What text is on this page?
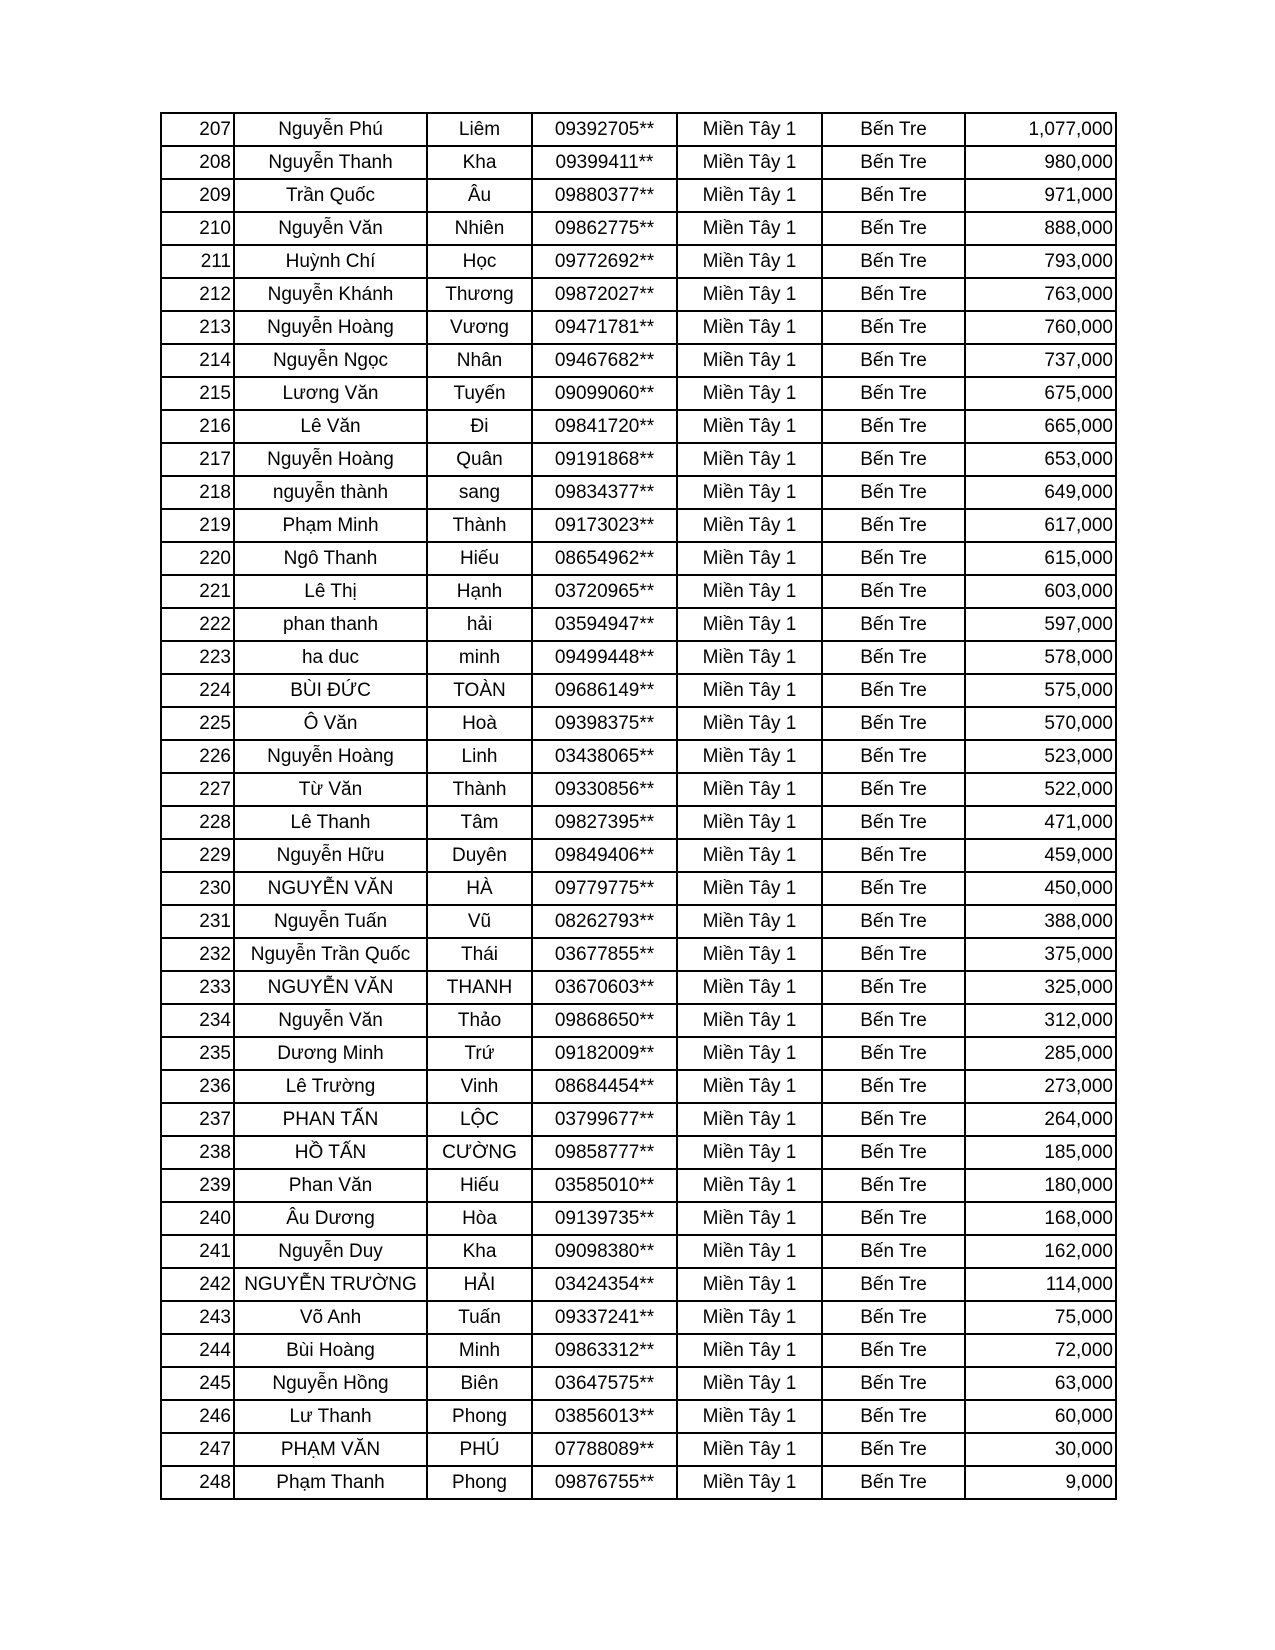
207	Nguyễn Phú	Liêm	09392705**	Miền Tây 1	Bến Tre	1,077,000
208	Nguyễn Thanh	Kha	09399411**	Miền Tây 1	Bến Tre	980,000
209	Trần Quốc	Âu	09880377**	Miền Tây 1	Bến Tre	971,000
210	Nguyễn Văn	Nhiên	09862775**	Miền Tây 1	Bến Tre	888,000
211	Huỳnh Chí	Học	09772692**	Miền Tây 1	Bến Tre	793,000
212	Nguyễn Khánh	Thương	09872027**	Miền Tây 1	Bến Tre	763,000
213	Nguyễn Hoàng	Vương	09471781**	Miền Tây 1	Bến Tre	760,000
214	Nguyễn Ngọc	Nhân	09467682**	Miền Tây 1	Bến Tre	737,000
215	Lương Văn	Tuyến	09099060**	Miền Tây 1	Bến Tre	675,000
216	Lê Văn	Đi	09841720**	Miền Tây 1	Bến Tre	665,000
217	Nguyễn Hoàng	Quân	09191868**	Miền Tây 1	Bến Tre	653,000
218	nguyễn thành	sang	09834377**	Miền Tây 1	Bến Tre	649,000
219	Phạm Minh	Thành	09173023**	Miền Tây 1	Bến Tre	617,000
220	Ngô Thanh	Hiếu	08654962**	Miền Tây 1	Bến Tre	615,000
221	Lê Thị	Hạnh	03720965**	Miền Tây 1	Bến Tre	603,000
222	phan thanh	hải	03594947**	Miền Tây 1	Bến Tre	597,000
223	ha duc	minh	09499448**	Miền Tây 1	Bến Tre	578,000
224	BÙI ĐỨC	TOÀN	09686149**	Miền Tây 1	Bến Tre	575,000
225	Ô Văn	Hoà	09398375**	Miền Tây 1	Bến Tre	570,000
226	Nguyễn Hoàng	Linh	03438065**	Miền Tây 1	Bến Tre	523,000
227	Từ Văn	Thành	09330856**	Miền Tây 1	Bến Tre	522,000
228	Lê Thanh	Tâm	09827395**	Miền Tây 1	Bến Tre	471,000
229	Nguyễn Hữu	Duyên	09849406**	Miền Tây 1	Bến Tre	459,000
230	NGUYỄN VĂN	HÀ	09779775**	Miền Tây 1	Bến Tre	450,000
231	Nguyễn Tuấn	Vũ	08262793**	Miền Tây 1	Bến Tre	388,000
232	Nguyễn Trần Quốc	Thái	03677855**	Miền Tây 1	Bến Tre	375,000
233	NGUYỄN VĂN	THANH	03670603**	Miền Tây 1	Bến Tre	325,000
234	Nguyễn Văn	Thảo	09868650**	Miền Tây 1	Bến Tre	312,000
235	Dương Minh	Trứ	09182009**	Miền Tây 1	Bến Tre	285,000
236	Lê Trường	Vinh	08684454**	Miền Tây 1	Bến Tre	273,000
237	PHAN TẤN	LỘC	03799677**	Miền Tây 1	Bến Tre	264,000
238	HỒ TẤN	CƯỜNG	09858777**	Miền Tây 1	Bến Tre	185,000
239	Phan Văn	Hiếu	03585010**	Miền Tây 1	Bến Tre	180,000
240	Âu Dương	Hòa	09139735**	Miền Tây 1	Bến Tre	168,000
241	Nguyễn Duy	Kha	09098380**	Miền Tây 1	Bến Tre	162,000
242	NGUYỄN TRƯỜNG	HẢI	03424354**	Miền Tây 1	Bến Tre	114,000
243	Võ Anh	Tuấn	09337241**	Miền Tây 1	Bến Tre	75,000
244	Bùi Hoàng	Minh	09863312**	Miền Tây 1	Bến Tre	72,000
245	Nguyễn Hồng	Biên	03647575**	Miền Tây 1	Bến Tre	63,000
246	Lư Thanh	Phong	03856013**	Miền Tây 1	Bến Tre	60,000
247	PHẠM VĂN	PHÚ	07788089**	Miền Tây 1	Bến Tre	30,000
248	Phạm Thanh	Phong	09876755**	Miền Tây 1	Bến Tre	9,000
